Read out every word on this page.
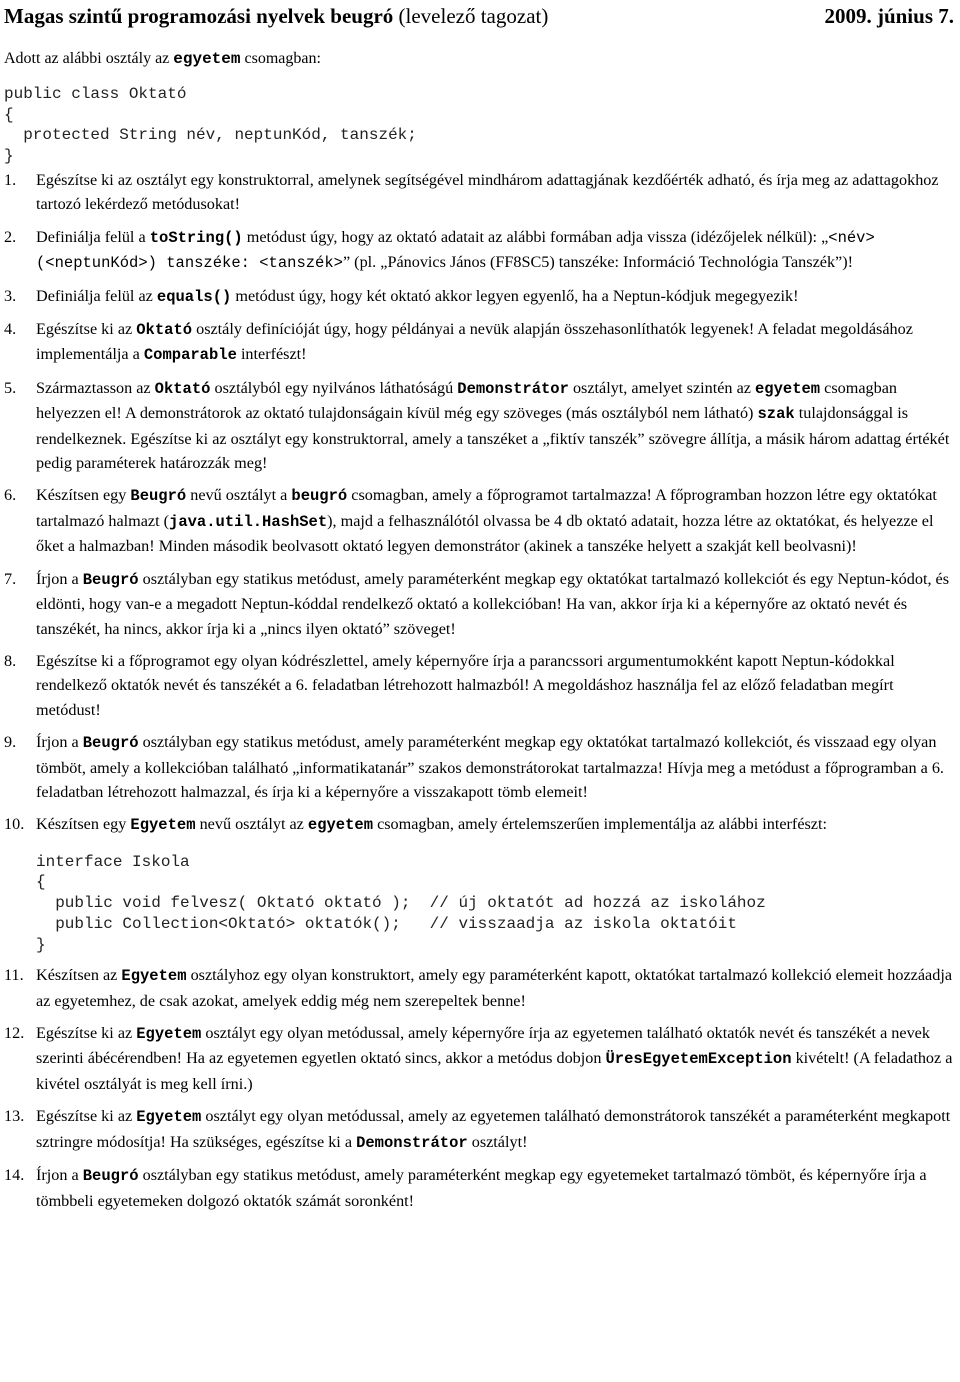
Magas szintű programozási nyelvek beugró (levelező tagozat)	2009. június 7.
Adott az alábbi osztály az egyetem csomagban:
public class Oktató
{
protected String név, neptunKód, tanszék;
}
1. Egészítse ki az osztályt egy konstruktorral, amelynek segítségével mindhárom adattagjának kezdőérték adható, és írja meg az adattagokhoz tartozó lekérdező metódusokat!
2. Definiálja felül a toString() metódust úgy, hogy az oktató adatait az alábbi formában adja vissza (idézőjelek nélkül): „<név> (<neptunKód>) tanszéke: <tanszék>” (pl. „Pánovics János (FF8SC5) tanszéke: Információ Technológia Tanszék”)!
3. Definiálja felül az equals() metódust úgy, hogy két oktató akkor legyen egyenlő, ha a Neptun-kódjuk megegyezik!
4. Egészítse ki az Oktató osztály definícióját úgy, hogy példányai a nevük alapján összehasonlíthatók legyenek! A feladat megoldásához implementálja a Comparable interfészt!
5. Származtasson az Oktató osztályból egy nyilvános láthatóságú Demonstrátor osztályt, amelyet szintén az egyetem csomagban helyezzen el! A demonstrátorok az oktató tulajdonságain kívül még egy szöveges (más osztályból nem látható) szak tulajdonsággal is rendelkeznek. Egészítse ki az osztályt egy konstruktorral, amely a tanszéket a „fiktív tanszék” szövegre állítja, a másik három adattag értékét pedig paraméterek határozzák meg!
6. Készítsen egy Beugró nevű osztályt a beugró csomagban, amely a főprogramot tartalmazza! A főprogramban hozzon létre egy oktatókat tartalmazó halmazt (java.util.HashSet), majd a felhasználótól olvassa be 4 db oktató adatait, hozza létre az oktatókat, és helyezze el őket a halmazban! Minden második beolvasott oktató legyen demonstrátor (akinek a tanszéke helyett a szakját kell beolvasni)!
7. Írjon a Beugró osztályban egy statikus metódust, amely paraméterként megkap egy oktatókat tartalmazó kollekciót és egy Neptun-kódot, és eldönti, hogy van-e a megadott Neptun-kóddal rendelkező oktató a kollekcióban! Ha van, akkor írja ki a képernyőre az oktató nevét és tanszékét, ha nincs, akkor írja ki a „nincs ilyen oktató” szöveget!
8. Egészítse ki a főprogramot egy olyan kódrészlettel, amely képernyőre írja a parancssori argumentumokként kapott Neptun-kódokkal rendelkező oktatók nevét és tanszékét a 6. feladatban létrehozott halmazból! A megoldáshoz használja fel az előző feladatban megírt metódust!
9. Írjon a Beugró osztályban egy statikus metódust, amely paraméterként megkap egy oktatókat tartalmazó kollekciót, és visszaad egy olyan tömböt, amely a kollekcióban található „informatikatanár” szakos demonstrátorokat tartalmazza! Hívja meg a metódust a főprogramban a 6. feladatban létrehozott halmazzal, és írja ki a képernyőre a visszakapott tömb elemeit!
10. Készítsen egy Egyetem nevű osztályt az egyetem csomagban, amely értelemszerűen implementálja az alábbi interfészt:
interface Iskola
{
public void felvesz( Oktató oktató );  // új oktatót ad hozzá az iskolához
public Collection<Oktató> oktatók();   // visszaadja az iskola oktatóit
}
11. Készítsen az Egyetem osztályhoz egy olyan konstruktort, amely egy paraméterként kapott, oktatókat tartalmazó kollekció elemeit hozzáadja az egyetemhez, de csak azokat, amelyek eddig még nem szerepeltek benne!
12. Egészítse ki az Egyetem osztályt egy olyan metódussal, amely képernyőre írja az egyetemen található oktatók nevét és tanszékét a nevek szerinti ábécérendben! Ha az egyetemen egyetlen oktató sincs, akkor a metódus dobjon ÜresEgyetemException kivételt! (A feladathoz a kivétel osztályát is meg kell írni.)
13. Egészítse ki az Egyetem osztályt egy olyan metódussal, amely az egyetemen található demonstrátorok tanszékét a paraméterként megkapott sztringre módosítja! Ha szükséges, egészítse ki a Demonstrátor osztályt!
14. Írjon a Beugró osztályban egy statikus metódust, amely paraméterként megkap egy egyetemeket tartalmazó tömböt, és képernyőre írja a tömbbeli egyetemeken dolgozó oktatók számát soronként!
